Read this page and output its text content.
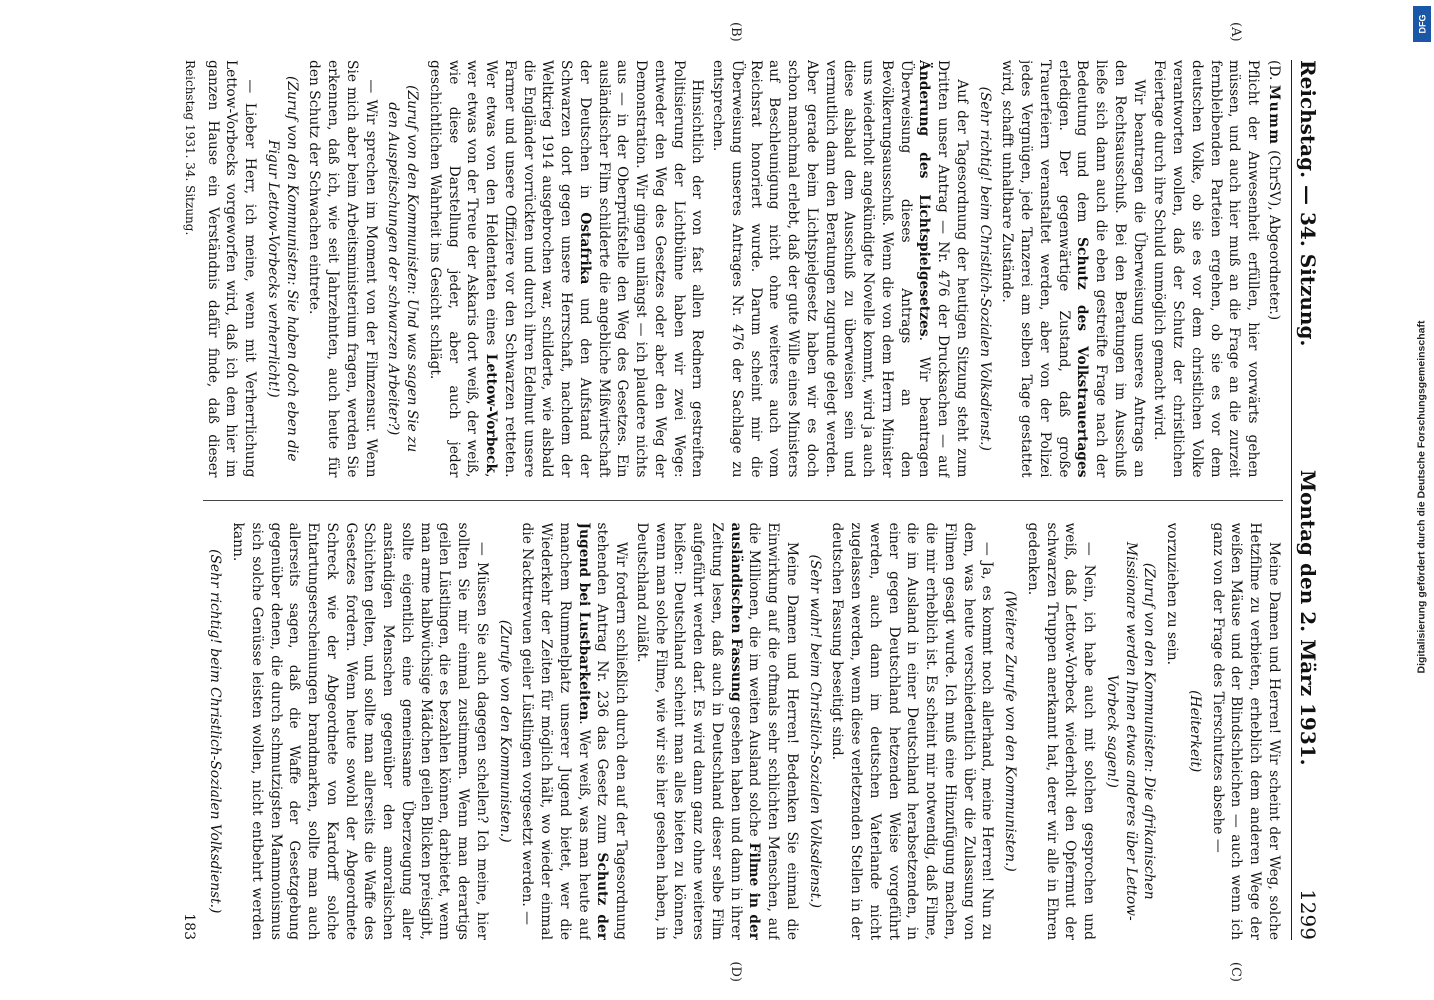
DFG
Digitalisierung gefördert durch die Deutsche Forschungsgemeinschaft
Reichstag. — 34. Sitzung.
Montag den 2. März 1931.
1299
(A)
(B)
(C)
(D)

(D. Mumm (ChrSV), Abgeordneter.)

Pflicht der Anwesenheit erfüllen, hier vorwärts gehen müssen, und auch hier muß an die Frage an die zurzeit fernbleibenden Parteien ergehen, ob sie es vor dem deutschen Volke, ob sie es vor dem christlichen Volke verantworten wollen, daß der Schutz der christlichen Feiertage durch ihre Schuld unmöglich gemacht wird.

Wir beantragen die Überweisung unseres Antrags an den Rechtsausschuß. Bei den Beratungen im Ausschuß ließe sich dann auch die eben gestreifte Frage nach der Bedeutung und dem Schutz des Volkstrauertages erledigen. Der gegenwärtige Zustand, daß große Trauerfeiern veranstaltet werden, aber von der Polizei jedes Vergnügen, jede Tanzerei am selben Tage gestattet wird, schafft unhaltbare Zustände.

(Sehr richtig! beim Christlich-Sozialen Volksdienst.)

Auf der Tagesordnung der heutigen Sitzung steht zum Dritten unser Antrag — Nr. 476 der Drucksachen — auf Änderung des Lichtspielgesetzes. Wir beantragen Überweisung dieses Antrags an den Bevölkerungsausschuß. Wenn die von dem Herrn Minister uns wiederholt angekündigte Novelle kommt, wird ja auch diese alsbald dem Ausschuß zu überweisen sein und vermutlich dann den Beratungen zugrunde gelegt werden. Aber gerade beim Lichtspielgesetz haben wir es doch schon manchmal erlebt, daß der gute Wille eines Ministers auf Beschleunigung nicht ohne weiteres auch vom Reichsrat honoriert wurde. Darum scheint mir die Überweisung unseres Antrages Nr. 476 der Sachlage zu entsprechen.

Hinsichtlich der von fast allen Rednern gestreiften Politisierung der Lichtbühne haben wir zwei Wege: entweder den Weg des Gesetzes oder aber den Weg der Demonstration. Wir gingen unlängst — ich plaudere nichts aus — in der Oberprüfstelle den Weg des Gesetzes. Ein ausländischer Film schilderte die angebliche Mißwirtschaft der Deutschen in Ostafrika und den Aufstand der Schwarzen dort gegen unsere Herrschaft, nachdem der Weltkrieg 1914 ausgebrochen war, schilderte, wie alsbald die Engländer vorrückten und durch ihren Edelmut unsere Farmer und unsere Offiziere vor den Schwarzen retteten. Wer etwas von den Heldentaten eines Lettow-Vorbeck, wer etwas von der Treue der Askaris dort weiß, der weiß, wie diese Darstellung jeder, aber auch jeder geschichtlichen Wahrheit ins Gesicht schlägt.

(Zuruf von den Kommunisten: Und was sagen Sie zu den Auspeitschungen der schwarzen Arbeiter?)

— Wir sprechen im Moment von der Filmzensur. Wenn Sie mich aber beim Arbeitsministerium fragen, werden Sie erkennen, daß ich, wie seit Jahrzehnten, auch heute für den Schutz der Schwachen eintrete.

(Zuruf von den Kommunisten: Sie haben doch eben die Figur Lettow-Vorbecks verherrlicht!)

— Lieber Herr, ich meine, wenn mit Verherrlichung Lettow-Vorbecks vorgeworfen wird, daß ich dem hier im ganzen Hause ein Verständnis dafür finde, daß dieser

Meine Damen und Herren! Wir scheint der Weg, solche Hetzfilme zu verbieten, erheblich dem anderen Wege der weißen Mäuse und der Blindschleichen — auch wenn ich ganz von der Frage des Tierschutzes absehe —

(Heiterkeit)

vorzuziehen zu sein.

(Zuruf von den Kommunisten: Die afrikanischen Missionare werden Ihnen etwas anderes über Lettow-Vorbeck sagen!)

— Nein, ich habe auch mit solchen gesprochen und weiß, daß Lettow-Vorbeck wiederholt den Opfermut der schwarzen Truppen anerkannt hat, derer wir alle in Ehren gedenken.

(Weitere Zurufe von den Kommunisten.)

— Ja, es kommt noch allerhand, meine Herren! Nun zu dem, was heute verschiedentlich über die Zulassung von Filmen gesagt wurde. Ich muß eine Hinzufügung machen, die mir erheblich ist. Es scheint mir notwendig, daß Filme, die im Ausland in einer Deutschland herabsetzenden, in einer gegen Deutschland hetzenden Weise vorgeführt werden, auch dann im deutschen Vaterlande nicht zugelassen werden, wenn diese verletzenden Stellen in der deutschen Fassung beseitigt sind.

(Sehr wahr! beim Christlich-Sozialen Volksdienst.)

Meine Damen und Herren! Bedenken Sie einmal die Einwirkung auf die oftmals sehr schlichten Menschen, auf die Millionen, die im weiten Ausland solche Filme in der ausländischen Fassung gesehen haben und dann in ihrer Zeitung lesen, daß auch in Deutschland dieser selbe Film aufgeführt werden darf. Es wird dann ganz ohne weiteres heißen: Deutschland scheint man alles bieten zu können, wenn man solche Filme, wie wir sie hier gesehen haben, in Deutschland zuläßt.

Wir fordern schließlich durch den auf der Tagesordnung stehenden Antrag Nr. 236 das Gesetz zum Schutz der Jugend bei Lustbarkeiten. Wer weiß, was man heute auf manchem Rummelplatz unserer Jugend bietet, wer die Wiederkehr der Zeiten für möglich hält, wo wieder einmal die Nackttrevuen geiler Lüstlingen vorgesetzt werden. —

(Zurufe von den Kommunisten.)

— Müssen Sie auch dagegen schellen? Ich meine, hier sollten Sie mir einmal zustimmen. Wenn man derartigs geilen Lüstlingen, die es bezahlen können, darbietet, wenn man arme halbwüchsige Mädchen geilen Blicken preisgibt, sollte eigentlich eine gemeinsame Überzeugung aller anständigen Menschen gegenüber den amoralischen Schichten gelten, und sollte man allerseits die Waffe des Gesetzes fordern. Wenn heute sowohl der Abgeordnete Schreck wie der Abgeordnete von Kardorff solche Entartungserscheinungen brandmarken, sollte man auch allerseits sagen, daß die Waffe der Gesetzgebung gegenüber denen, die durch schmutzigsten Mammonismus sich solche Genüsse leisten wollen, nicht entbehrt werden kann.

(Sehr richtig! beim Christlich-Sozialen Volksdienst.)

Reichstag 1931. 34. Sitzung.
183
